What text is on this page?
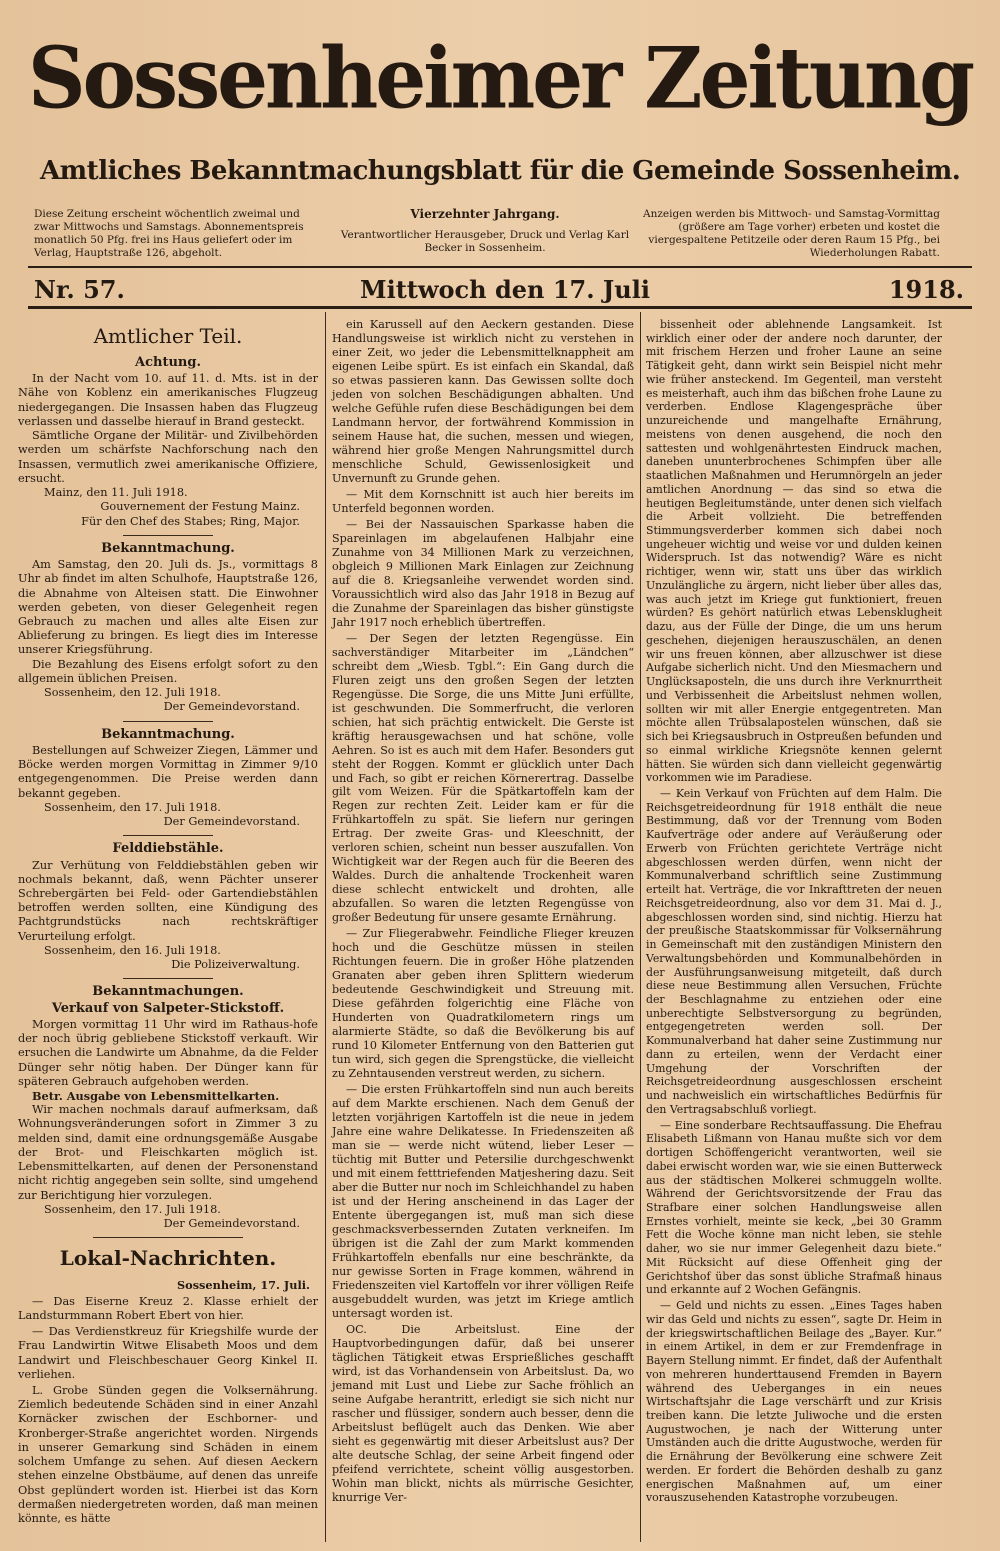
Sossenheimer Zeitung
Amtliches Bekanntmachungsblatt für die Gemeinde Sossenheim.
Diese Zeitung erscheint wöchentlich zweimal und zwar Mittwochs und Samstags. Abonnementspreis monatlich 50 Pfg. frei ins Haus geliefert oder im Verlag, Hauptstraße 126, abgeholt.
Vierzehnter Jahrgang.
Verantwortlicher Herausgeber, Druck und Verlag Karl Becker in Sossenheim.
Anzeigen werden bis Mittwoch- und Samstag-Vormittag (größere am Tage vorher) erbeten und kostet die viergespaltene Petitzeile oder deren Raum 15 Pfg., bei Wiederholungen Rabatt.
Nr. 57.	Mittwoch den 17. Juli	1918.
Amtlicher Teil.
Achtung.

In der Nacht vom 10. auf 11. d. Mts. ist in der Nähe von Koblenz ein amerikanisches Flugzeug niedergegangen. Die Insassen haben das Flugzeug verlassen und dasselbe hierauf in Brand gesteckt.

Sämtliche Organe der Militär- und Zivilbehörden werden um schärfste Nachforschung nach den Insassen, vermutlich zwei amerikanische Offiziere, ersucht.

Mainz, den 11. Juli 1918.

Gouvernement der Festung Mainz.

Für den Chef des Stabes; Ring, Major.

Bekanntmachung.

Am Samstag, den 20. Juli ds. Js., vormittags 8 Uhr ab findet im alten Schulhofe, Hauptstraße 126, die Abnahme von Alteisen statt. Die Einwohner werden gebeten, von dieser Gelegenheit regen Gebrauch zu machen und alles alte Eisen zur Ablieferung zu bringen. Es liegt dies im Interesse unserer Kriegsführung.

Die Bezahlung des Eisens erfolgt sofort zu den allgemein üblichen Preisen.

Sossenheim, den 12. Juli 1918.

Der Gemeindevorstand.

Bekanntmachung.

Bestellungen auf Schweizer Ziegen, Lämmer und Böcke werden morgen Vormittag in Zimmer 9/10 entgegengenommen. Die Preise werden dann bekannt gegeben.

Sossenheim, den 17. Juli 1918.

Der Gemeindevorstand.

Felddiebstähle.

Zur Verhütung von Felddiebstählen geben wir nochmals bekannt, daß, wenn Pächter unserer Schrebergärten bei Feld- oder Gartendiebstählen betroffen werden sollten, eine Kündigung des Pachtgrundstücks nach rechtskräftiger Verurteilung erfolgt.

Sossenheim, den 16. Juli 1918.

Die Polizeiverwaltung.

Bekanntmachungen.
Verkauf von Salpeter-Stickstoff.

Morgen vormittag 11 Uhr wird im Rathaus-hofe der noch übrig gebliebene Stickstoff verkauft. Wir ersuchen die Landwirte um Abnahme, da die Felder Dünger sehr nötig haben. Der Dünger kann für späteren Gebrauch aufgehoben werden.

Betr. Ausgabe von Lebensmittelkarten.

Wir machen nochmals darauf aufmerksam, daß Wohnungsveränderungen sofort in Zimmer 3 zu melden sind, damit eine ordnungsgemäße Ausgabe der Brot- und Fleischkarten möglich ist. Lebensmittelkarten, auf denen der Personenstand nicht richtig angegeben sein sollte, sind umgehend zur Berichtigung hier vorzulegen.

Sossenheim, den 17. Juli 1918.

Der Gemeindevorstand.

Lokal-Nachrichten.

Sossenheim, 17. Juli.

— Das Eiserne Kreuz 2. Klasse erhielt der Landsturmmann Robert Ebert von hier.

— Das Verdienstkreuz für Kriegshilfe wurde der Frau Landwirtin Witwe Elisabeth Moos und dem Landwirt und Fleischbeschauer Georg Kinkel II. verliehen.

L. Grobe Sünden gegen die Volksernährung. Ziemlich bedeutende Schäden sind in einer Anzahl Kornäcker zwischen der Eschborner- und Kronberger-Straße angerichtet worden. Nirgends in unserer Gemarkung sind Schäden in einem solchem Umfange zu sehen. Auf diesen Aeckern stehen einzelne Obstbäume, auf denen das unreife Obst geplündert worden ist. Hierbei ist das Korn dermaßen niedergetreten worden, daß man meinen könnte, es hätte

ein Karussell auf den Aeckern gestanden. Diese Handlungsweise ist wirklich nicht zu verstehen in einer Zeit, wo jeder die Lebensmittelknappheit am eigenen Leibe spürt. Es ist einfach ein Skandal, daß so etwas passieren kann. Das Gewissen sollte doch jeden von solchen Beschädigungen abhalten. Und welche Gefühle rufen diese Beschädigungen bei dem Landmann hervor, der fortwährend Kommission in seinem Hause hat, die suchen, messen und wiegen, während hier große Mengen Nahrungsmittel durch menschliche Schuld, Gewissenlosigkeit und Unvernunft zu Grunde gehen.

— Mit dem Kornschnitt ist auch hier bereits im Unterfeld begonnen worden.

— Bei der Nassauischen Sparkasse haben die Spareinlagen im abgelaufenen Halbjahr eine Zunahme von 34 Millionen Mark zu verzeichnen, obgleich 9 Millionen Mark Einlagen zur Zeichnung auf die 8. Kriegsanleihe verwendet worden sind. Voraussichtlich wird also das Jahr 1918 in Bezug auf die Zunahme der Spareinlagen das bisher günstigste Jahr 1917 noch erheblich übertreffen.

— Der Segen der letzten Regengüsse. Ein sachverständiger Mitarbeiter im „Ländchen“ schreibt dem „Wiesb. Tgbl.“: Ein Gang durch die Fluren zeigt uns den großen Segen der letzten Regengüsse. Die Sorge, die uns Mitte Juni erfüllte, ist geschwunden. Die Sommerfrucht, die verloren schien, hat sich prächtig entwickelt. Die Gerste ist kräftig herausgewachsen und hat schöne, volle Aehren. So ist es auch mit dem Hafer. Besonders gut steht der Roggen. Kommt er glücklich unter Dach und Fach, so gibt er reichen Körnerertrag. Dasselbe gilt vom Weizen. Für die Spätkartoffeln kam der Regen zur rechten Zeit. Leider kam er für die Frühkartoffeln zu spät. Sie liefern nur geringen Ertrag. Der zweite Gras- und Kleeschnitt, der verloren schien, scheint nun besser auszufallen. Von Wichtigkeit war der Regen auch für die Beeren des Waldes. Durch die anhaltende Trockenheit waren diese schlecht entwickelt und drohten, alle abzufallen. So waren die letzten Regengüsse von großer Bedeutung für unsere gesamte Ernährung.

— Zur Fliegerabwehr. Feindliche Flieger kreuzen hoch und die Geschütze müssen in steilen Richtungen feuern. Die in großer Höhe platzenden Granaten aber geben ihren Splittern wiederum bedeutende Geschwindigkeit und Streuung mit. Diese gefährden folgerichtig eine Fläche von Hunderten von Quadratkilometern rings um alarmierte Städte, so daß die Bevölkerung bis auf rund 10 Kilometer Entfernung von den Batterien gut tun wird, sich gegen die Sprengstücke, die vielleicht zu Zehntausenden verstreut werden, zu sichern.

— Die ersten Frühkartoffeln sind nun auch bereits auf dem Markte erschienen. Nach dem Genuß der letzten vorjährigen Kartoffeln ist die neue in jedem Jahre eine wahre Delikatesse. In Friedenszeiten aß man sie — werde nicht wütend, lieber Leser — tüchtig mit Butter und Petersilie durchgeschwenkt und mit einem fetttriefenden Matjeshering dazu. Seit aber die Butter nur noch im Schleichhandel zu haben ist und der Hering anscheinend in das Lager der Entente übergegangen ist, muß man sich diese geschmacksverbessernden Zutaten verkneifen. Im übrigen ist die Zahl der zum Markt kommenden Frühkartoffeln ebenfalls nur eine beschränkte, da nur gewisse Sorten in Frage kommen, während in Friedenszeiten viel Kartoffeln vor ihrer völligen Reife ausgebuddelt wurden, was jetzt im Kriege amtlich untersagt worden ist.

OC. Die Arbeitslust. Eine der Hauptvorbedingungen dafür, daß bei unserer täglichen Tätigkeit etwas Ersprießliches geschafft wird, ist das Vorhandensein von Arbeitslust. Da, wo jemand mit Lust und Liebe zur Sache fröhlich an seine Aufgabe herantritt, erledigt sie sich nicht nur rascher und flüssiger, sondern auch besser, denn die Arbeitslust beflügelt auch das Denken. Wie aber sieht es gegenwärtig mit dieser Arbeitslust aus? Der alte deutsche Schlag, der seine Arbeit fingend oder pfeifend verrichtete, scheint völlig ausgestorben. Wohin man blickt, nichts als mürrische Gesichter, knurrige Ver-

bissenheit oder ablehnende Langsamkeit. Ist wirklich einer oder der andere noch darunter, der mit frischem Herzen und froher Laune an seine Tätigkeit geht, dann wirkt sein Beispiel nicht mehr wie früher ansteckend. Im Gegenteil, man versteht es meisterhaft, auch ihm das bißchen frohe Laune zu verderben. Endlose Klagengespräche über unzureichende und mangelhafte Ernährung, meistens von denen ausgehend, die noch den sattesten und wohlgenährtesten Eindruck machen, daneben ununterbrochenes Schimpfen über alle staatlichen Maßnahmen und Herumnörgeln an jeder amtlichen Anordnung — das sind so etwa die heutigen Begleitumstände, unter denen sich vielfach die Arbeit vollzieht. Die betreffenden Stimmungsverderber kommen sich dabei noch ungeheuer wichtig und weise vor und dulden keinen Widerspruch. Ist das notwendig? Wäre es nicht richtiger, wenn wir, statt uns über das wirklich Unzulängliche zu ärgern, nicht lieber über alles das, was auch jetzt im Kriege gut funktioniert, freuen würden? Es gehört natürlich etwas Lebensklugheit dazu, aus der Fülle der Dinge, die um uns herum geschehen, diejenigen herauszuschälen, an denen wir uns freuen können, aber allzuschwer ist diese Aufgabe sicherlich nicht. Und den Miesmachern und Unglücksaposteln, die uns durch ihre Verknurrtheit und Verbissenheit die Arbeitslust nehmen wollen, sollten wir mit aller Energie entgegentreten. Man möchte allen Trübsalapostelen wünschen, daß sie sich bei Kriegsausbruch in Ostpreußen befunden und so einmal wirkliche Kriegsnöte kennen gelernt hätten. Sie würden sich dann vielleicht gegenwärtig vorkommen wie im Paradiese.

— Kein Verkauf von Früchten auf dem Halm. Die Reichsgetreideordnung für 1918 enthält die neue Bestimmung, daß vor der Trennung vom Boden Kaufverträge oder andere auf Veräußerung oder Erwerb von Früchten gerichtete Verträge nicht abgeschlossen werden dürfen, wenn nicht der Kommunalverband schriftlich seine Zustimmung erteilt hat. Verträge, die vor Inkrafttreten der neuen Reichsgetreideordnung, also vor dem 31. Mai d. J., abgeschlossen worden sind, sind nichtig. Hierzu hat der preußische Staatskommissar für Volksernährung in Gemeinschaft mit den zuständigen Ministern den Verwaltungsbehörden und Kommunalbehörden in der Ausführungsanweisung mitgeteilt, daß durch diese neue Bestimmung allen Versuchen, Früchte der Beschlagnahme zu entziehen oder eine unberechtigte Selbstversorgung zu begründen, entgegengetreten werden soll. Der Kommunalverband hat daher seine Zustimmung nur dann zu erteilen, wenn der Verdacht einer Umgehung der Vorschriften der Reichsgetreideordnung ausgeschlossen erscheint und nachweislich ein wirtschaftliches Bedürfnis für den Vertragsabschluß vorliegt.

— Eine sonderbare Rechtsauffassung. Die Ehefrau Elisabeth Lißmann von Hanau mußte sich vor dem dortigen Schöffengericht verantworten, weil sie dabei erwischt worden war, wie sie einen Butterweck aus der städtischen Molkerei schmuggeln wollte. Während der Gerichtsvorsitzende der Frau das Strafbare einer solchen Handlungsweise allen Ernstes vorhielt, meinte sie keck, „bei 30 Gramm Fett die Woche könne man nicht leben, sie stehle daher, wo sie nur immer Gelegenheit dazu biete.“ Mit Rücksicht auf diese Offenheit ging der Gerichtshof über das sonst übliche Strafmaß hinaus und erkannte auf 2 Wochen Gefängnis.

— Geld und nichts zu essen. „Eines Tages haben wir das Geld und nichts zu essen“, sagte Dr. Heim in der kriegswirtschaftlichen Beilage des „Bayer. Kur.“ in einem Artikel, in dem er zur Fremdenfrage in Bayern Stellung nimmt. Er findet, daß der Aufenthalt von mehreren hunderttausend Fremden in Bayern während des Ueberganges in ein neues Wirtschaftsjahr die Lage verschärft und zur Krisis treiben kann. Die letzte Juliwoche und die ersten Augustwochen, je nach der Witterung unter Umständen auch die dritte Augustwoche, werden für die Ernährung der Bevölkerung eine schwere Zeit werden. Er fordert die Behörden deshalb zu ganz energischen Maßnahmen auf, um einer vorauszusehenden Katastrophe vorzubeugen.
